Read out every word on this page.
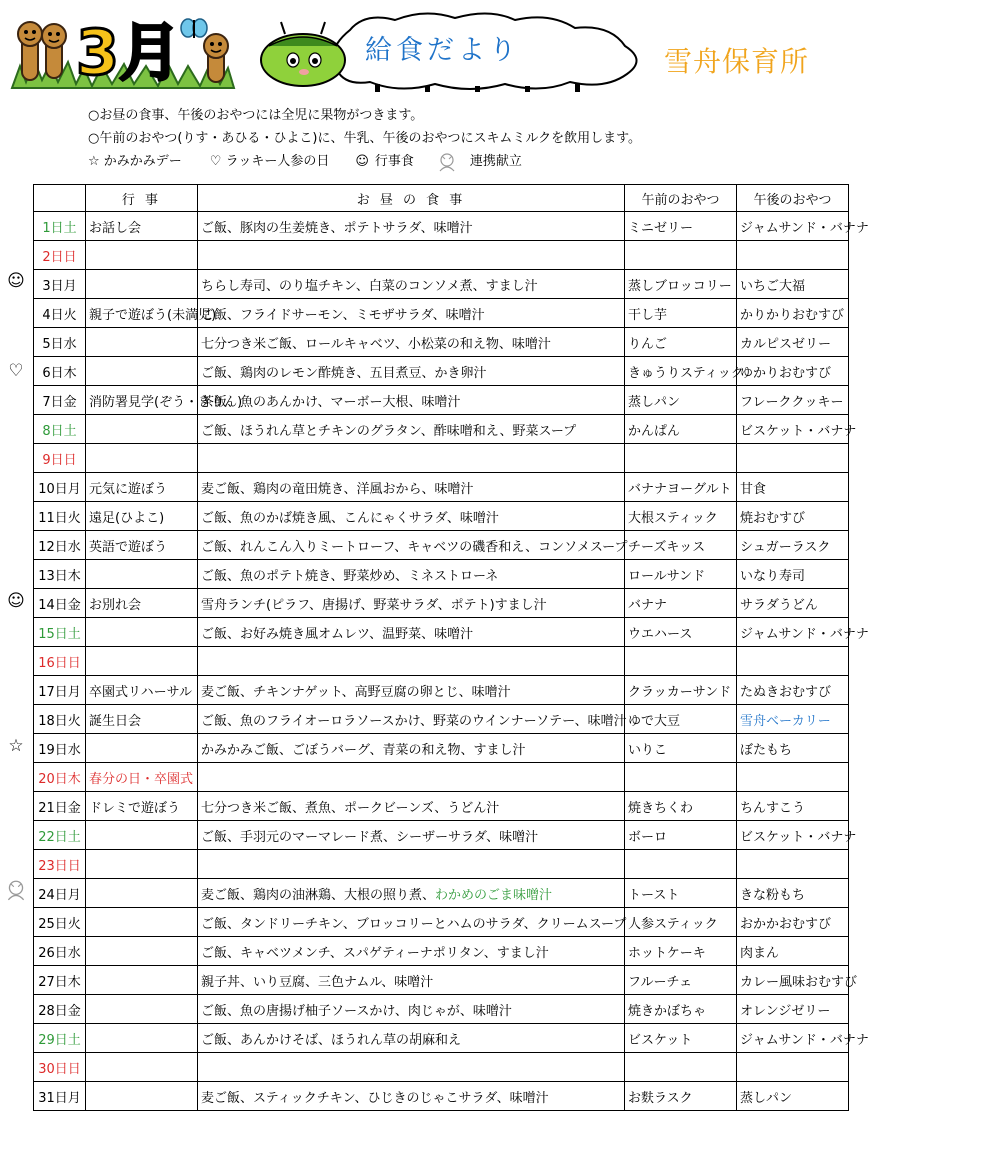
3月	給食だより	雪舟保育所
○お昼の食事、午後のおやつには全児に果物がつきます。
○午前のおやつ(りす・あひる・ひよこ)に、牛乳、午後のおやつにスキムミルクを飲用します。
☆ かみかみデー ♡ ラッキー人参の日 ☺ 行事食	連携献立
☺
♡
☺
☆
	行 事	お 昼 の 食 事	午前のおやつ	午後のおやつ
1日土	お話し会	ご飯、豚肉の生姜焼き、ポテトサラダ、味噌汁	ミニゼリー	ジャムサンド・バナナ
2日日				
3日月		ちらし寿司、のり塩チキン、白菜のコンソメ煮、すまし汁	蒸しブロッコリー	いちご大福
4日火	親子で遊ぼう(未満児)	ご飯、フライドサーモン、ミモザサラダ、味噌汁	干し芋	かりかりおむすび
5日水		七分つき米ご飯、ロールキャベツ、小松菜の和え物、味噌汁	りんご	カルピスゼリー
6日木		ご飯、鶏肉のレモン酢焼き、五目煮豆、かき卵汁	きゅうりスティック	ゆかりおむすび
7日金	消防署見学(ぞう・きりん)	茶飯、魚のあんかけ、マーボー大根、味噌汁	蒸しパン	フレーククッキー
8日土		ご飯、ほうれん草とチキンのグラタン、酢味噌和え、野菜スープ	かんぱん	ビスケット・バナナ
9日日				
10日月	元気に遊ぼう	麦ご飯、鶏肉の竜田焼き、洋風おから、味噌汁	バナナヨーグルト	甘食
11日火	遠足(ひよこ)	ご飯、魚のかば焼き風、こんにゃくサラダ、味噌汁	大根スティック	焼おむすび
12日水	英語で遊ぼう	ご飯、れんこん入りミートローフ、キャベツの磯香和え、コンソメスープ	チーズキッス	シュガーラスク
13日木		ご飯、魚のポテト焼き、野菜炒め、ミネストローネ	ロールサンド	いなり寿司
14日金	お別れ会	雪舟ランチ(ピラフ、唐揚げ、野菜サラダ、ポテト)すまし汁	バナナ	サラダうどん
15日土		ご飯、お好み焼き風オムレツ、温野菜、味噌汁	ウエハース	ジャムサンド・バナナ
16日日				
17日月	卒園式リハーサル	麦ご飯、チキンナゲット、高野豆腐の卵とじ、味噌汁	クラッカーサンド	たぬきおむすび
18日火	誕生日会	ご飯、魚のフライオーロラソースかけ、野菜のウインナーソテー、味噌汁	ゆで大豆	雪舟ベーカリー
19日水		かみかみご飯、ごぼうバーグ、青菜の和え物、すまし汁	いりこ	ぼたもち
20日木	春分の日・卒園式			
21日金	ドレミで遊ぼう	七分つき米ご飯、煮魚、ポークビーンズ、うどん汁	焼きちくわ	ちんすこう
22日土		ご飯、手羽元のマーマレード煮、シーザーサラダ、味噌汁	ボーロ	ビスケット・バナナ
23日日				
24日月		麦ご飯、鶏肉の油淋鶏、大根の照り煮、わかめのごま味噌汁	トースト	きな粉もち
25日火		ご飯、タンドリーチキン、ブロッコリーとハムのサラダ、クリームスープ	人参スティック	おかかおむすび
26日水		ご飯、キャベツメンチ、スパゲティーナポリタン、すまし汁	ホットケーキ	肉まん
27日木		親子丼、いり豆腐、三色ナムル、味噌汁	フルーチェ	カレー風味おむすび
28日金		ご飯、魚の唐揚げ柚子ソースかけ、肉じゃが、味噌汁	焼きかぼちゃ	オレンジゼリー
29日土		ご飯、あんかけそば、ほうれん草の胡麻和え	ビスケット	ジャムサンド・バナナ
30日日				
31日月		麦ご飯、スティックチキン、ひじきのじゃこサラダ、味噌汁	お麩ラスク	蒸しパン
